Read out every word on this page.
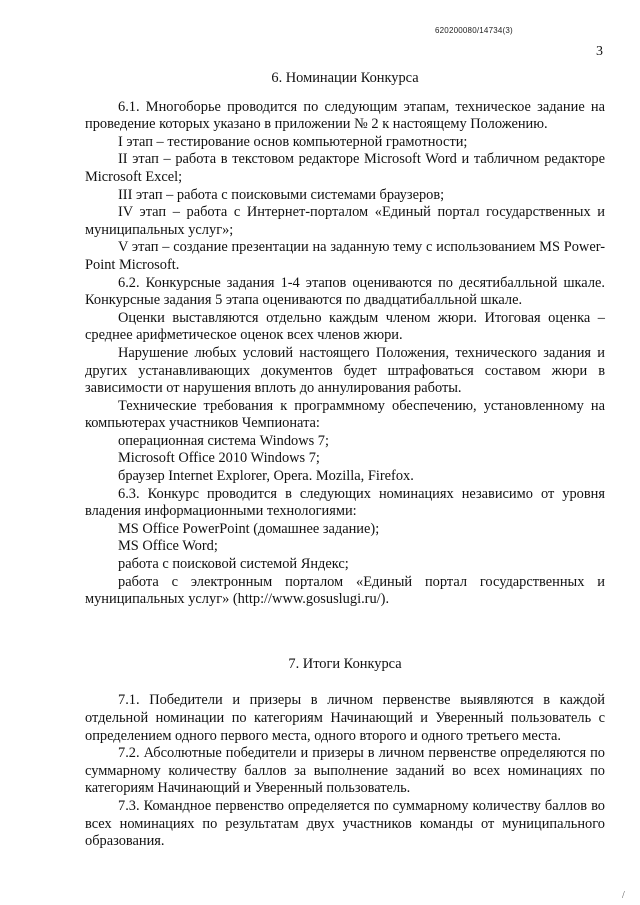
620200080/14734(3)
3
6. Номинации Конкурса

6.1. Многоборье проводится по следующим этапам, техническое задание на проведение которых указано в приложении № 2 к настоящему Положению.

I этап – тестирование основ компьютерной грамотности;

II этап – работа в текстовом редакторе Microsoft Word и табличном редакторе Microsoft Excel;

III этап – работа с поисковыми системами браузеров;

IV этап – работа с Интернет-порталом «Единый портал государственных и муниципальных услуг»;

V этап – создание презентации на заданную тему с использованием MS Power-Point Microsoft.

6.2. Конкурсные задания 1-4 этапов оцениваются по десятибалльной шкале. Конкурсные задания 5 этапа оцениваются по двадцатибалльной шкале.

Оценки выставляются отдельно каждым членом жюри. Итоговая оценка – среднее арифметическое оценок всех членов жюри.

Нарушение любых условий настоящего Положения, технического задания и других устанавливающих документов будет штрафоваться составом жюри в зависимости от нарушения вплоть до аннулирования работы.

Технические требования к программному обеспечению, установленному на компьютерах участников Чемпионата:

операционная система Windows 7;

Microsoft Office 2010 Windows 7;

браузер Internet Explorer, Opera. Mozilla, Firefox.

6.3. Конкурс проводится в следующих номинациях независимо от уровня владения информационными технологиями:

MS Office PowerPoint (домашнее задание);

MS Office Word;

работа с поисковой системой Яндекс;

работа с электронным порталом «Единый портал государственных и муниципальных услуг» (http://www.gosuslugi.ru/).

7. Итоги Конкурса

7.1. Победители и призеры в личном первенстве выявляются в каждой отдельной номинации по категориям Начинающий и Уверенный пользователь с определением одного первого места, одного второго и одного третьего места.

7.2. Абсолютные победители и призеры в личном первенстве определяются по суммарному количеству баллов за выполнение заданий во всех номинациях по категориям Начинающий и Уверенный пользователь.

7.3. Командное первенство определяется по суммарному количеству баллов во всех номинациях по результатам двух участников команды от муниципального образования.

/
